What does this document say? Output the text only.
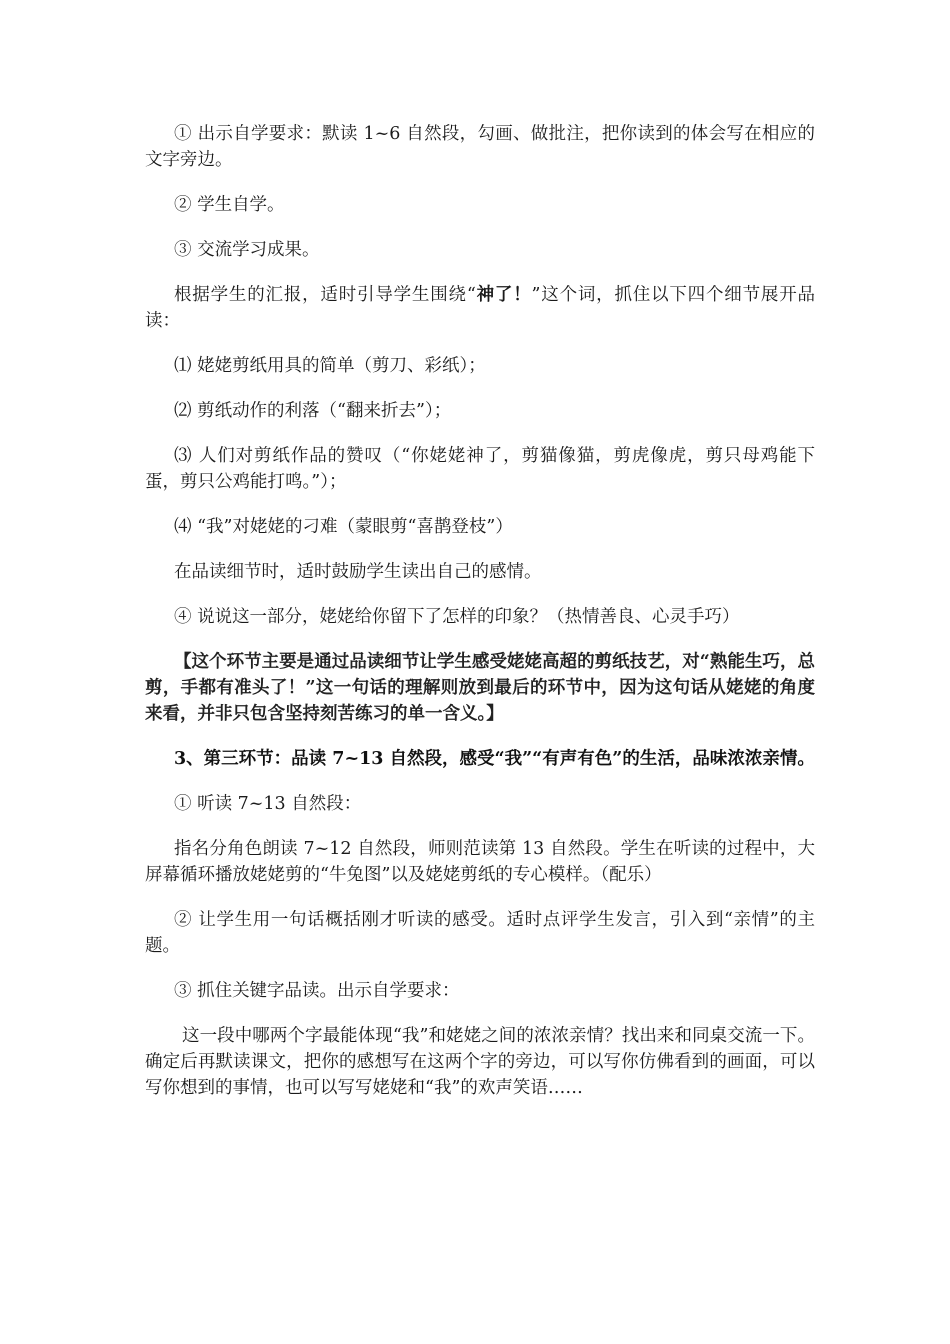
① 出示自学要求：默读 1~6 自然段，勾画、做批注，把你读到的体会写在相应的文字旁边。

② 学生自学。

③ 交流学习成果。

根据学生的汇报，适时引导学生围绕“神了！”这个词，抓住以下四个细节展开品读：

⑴ 姥姥剪纸用具的简单（剪刀、彩纸）；

⑵ 剪纸动作的利落（“翻来折去”）；

⑶ 人们对剪纸作品的赞叹（“你姥姥神了，剪猫像猫，剪虎像虎，剪只母鸡能下蛋，剪只公鸡能打鸣。”）；

⑷ “我”对姥姥的刁难（蒙眼剪“喜鹊登枝”）

在品读细节时，适时鼓励学生读出自己的感情。

④ 说说这一部分，姥姥给你留下了怎样的印象？（热情善良、心灵手巧）

【这个环节主要是通过品读细节让学生感受姥姥高超的剪纸技艺，对“熟能生巧，总剪，手都有准头了！”这一句话的理解则放到最后的环节中，因为这句话从姥姥的角度来看，并非只包含坚持刻苦练习的单一含义。】

3、第三环节：品读 7~13 自然段，感受“我”“有声有色”的生活，品味浓浓亲情。

① 听读 7~13 自然段：

指名分角色朗读 7~12 自然段，师则范读第 13 自然段。学生在听读的过程中，大屏幕循环播放姥姥剪的“牛兔图”以及姥姥剪纸的专心模样。（配乐）

② 让学生用一句话概括刚才听读的感受。适时点评学生发言，引入到“亲情”的主题。

③ 抓住关键字品读。出示自学要求：

这一段中哪两个字最能体现“我”和姥姥之间的浓浓亲情？找出来和同桌交流一下。确定后再默读课文，把你的感想写在这两个字的旁边，可以写你仿佛看到的画面，可以写你想到的事情，也可以写写姥姥和“我”的欢声笑语……
